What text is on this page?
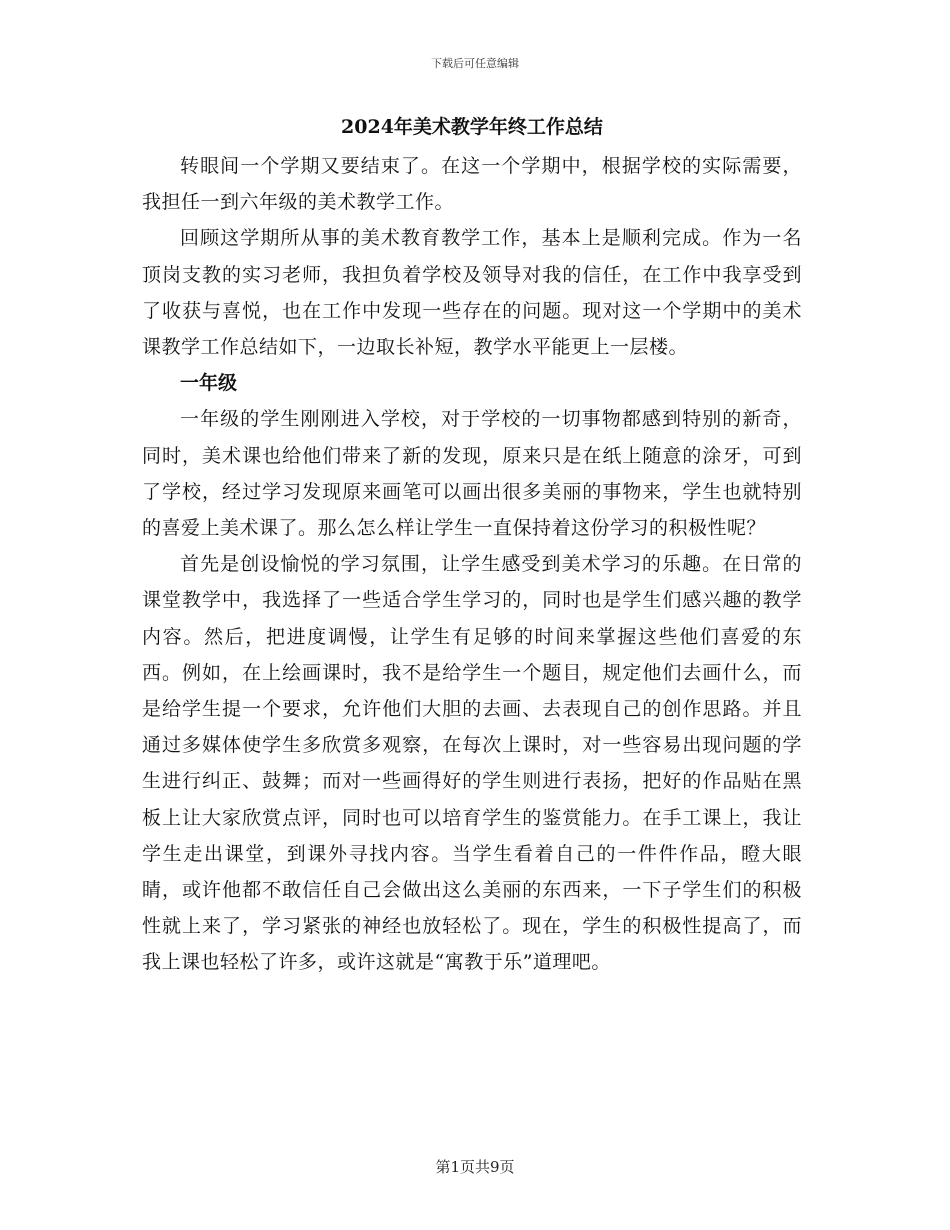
下载后可任意编辑
2024年美术教学年终工作总结

转眼间一个学期又要结束了。在这一个学期中，根据学校的实际需要，我担任一到六年级的美术教学工作。

回顾这学期所从事的美术教育教学工作，基本上是顺利完成。作为一名顶岗支教的实习老师，我担负着学校及领导对我的信任，在工作中我享受到了收获与喜悦，也在工作中发现一些存在的问题。现对这一个学期中的美术课教学工作总结如下，一边取长补短，教学水平能更上一层楼。

一年级

一年级的学生刚刚进入学校，对于学校的一切事物都感到特别的新奇，同时，美术课也给他们带来了新的发现，原来只是在纸上随意的涂牙，可到了学校，经过学习发现原来画笔可以画出很多美丽的事物来，学生也就特别的喜爱上美术课了。那么怎么样让学生一直保持着这份学习的积极性呢？

首先是创设愉悦的学习氛围，让学生感受到美术学习的乐趣。在日常的课堂教学中，我选择了一些适合学生学习的，同时也是学生们感兴趣的教学内容。然后，把进度调慢，让学生有足够的时间来掌握这些他们喜爱的东西。例如，在上绘画课时，我不是给学生一个题目，规定他们去画什么，而是给学生提一个要求，允许他们大胆的去画、去表现自己的创作思路。并且通过多媒体使学生多欣赏多观察，在每次上课时，对一些容易出现问题的学生进行纠正、鼓舞；而对一些画得好的学生则进行表扬，把好的作品贴在黑板上让大家欣赏点评，同时也可以培育学生的鉴赏能力。在手工课上，我让学生走出课堂，到课外寻找内容。当学生看着自己的一件件作品，瞪大眼睛，或许他都不敢信任自己会做出这么美丽的东西来，一下子学生们的积极性就上来了，学习紧张的神经也放轻松了。现在，学生的积极性提高了，而我上课也轻松了许多，或许这就是“寓教于乐”道理吧。

第1页共9页
